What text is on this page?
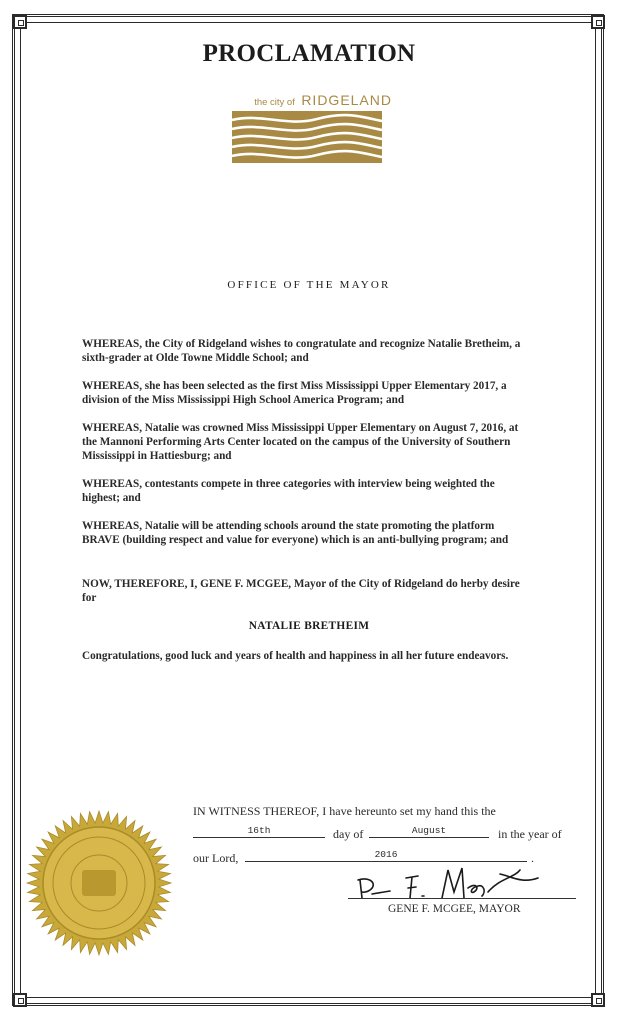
PROCLAMATION
the city of RIDGELAND
OFFICE OF THE MAYOR
WHEREAS, the City of Ridgeland wishes to congratulate and recognize Natalie Bretheim, a sixth-grader at Olde Towne Middle School; and
WHEREAS, she has been selected as the first Miss Mississippi Upper Elementary 2017, a division of the Miss Mississippi High School America Program; and
WHEREAS, Natalie was crowned Miss Mississippi Upper Elementary on August 7, 2016, at the Mannoni Performing Arts Center located on the campus of the University of Southern Mississippi in Hattiesburg; and
WHEREAS, contestants compete in three categories with interview being weighted the highest; and
WHEREAS, Natalie will be attending schools around the state promoting the platform BRAVE (building respect and value for everyone) which is an anti-bullying program; and
NOW, THEREFORE, I, GENE F. MCGEE, Mayor of the City of Ridgeland do herby desire for
NATALIE BRETHEIM
Congratulations, good luck and years of health and happiness in all her future endeavors.
IN WITNESS THEREOF, I have hereunto set my hand this the
16th	day of	August	in the year of
our Lord,	2016	.
GENE F. MCGEE, MAYOR
